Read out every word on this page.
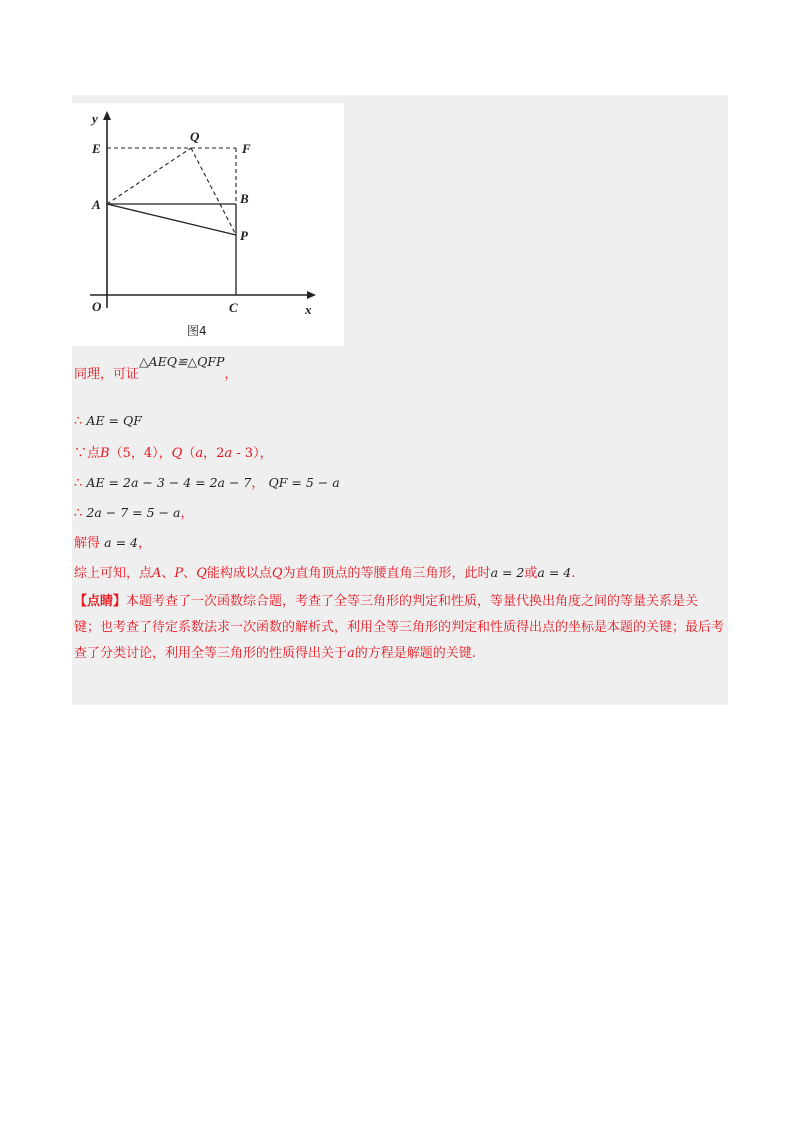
y
x
O
E
Q
F
A	B
P
C
图4
同理，可证△AEQ≌△QFP，
∴ AE = QF
∵点B（5，4），Q（a，2a - 3），
∴ AE = 2a − 3 − 4 = 2a − 7， QF = 5 − a
∴ 2a − 7 = 5 − a，
解得 a = 4，
综上可知，点A、P、Q能构成以点Q为直角顶点的等腰直角三角形，此时a = 2或a = 4.
【点睛】本题考查了一次函数综合题，考查了全等三角形的判定和性质，等量代换出角度之间的等量关系是关键；也考查了待定系数法求一次函数的解析式，利用全等三角形的判定和性质得出点的坐标是本题的关键；最后考查了分类讨论，利用全等三角形的性质得出关于a的方程是解题的关键.
